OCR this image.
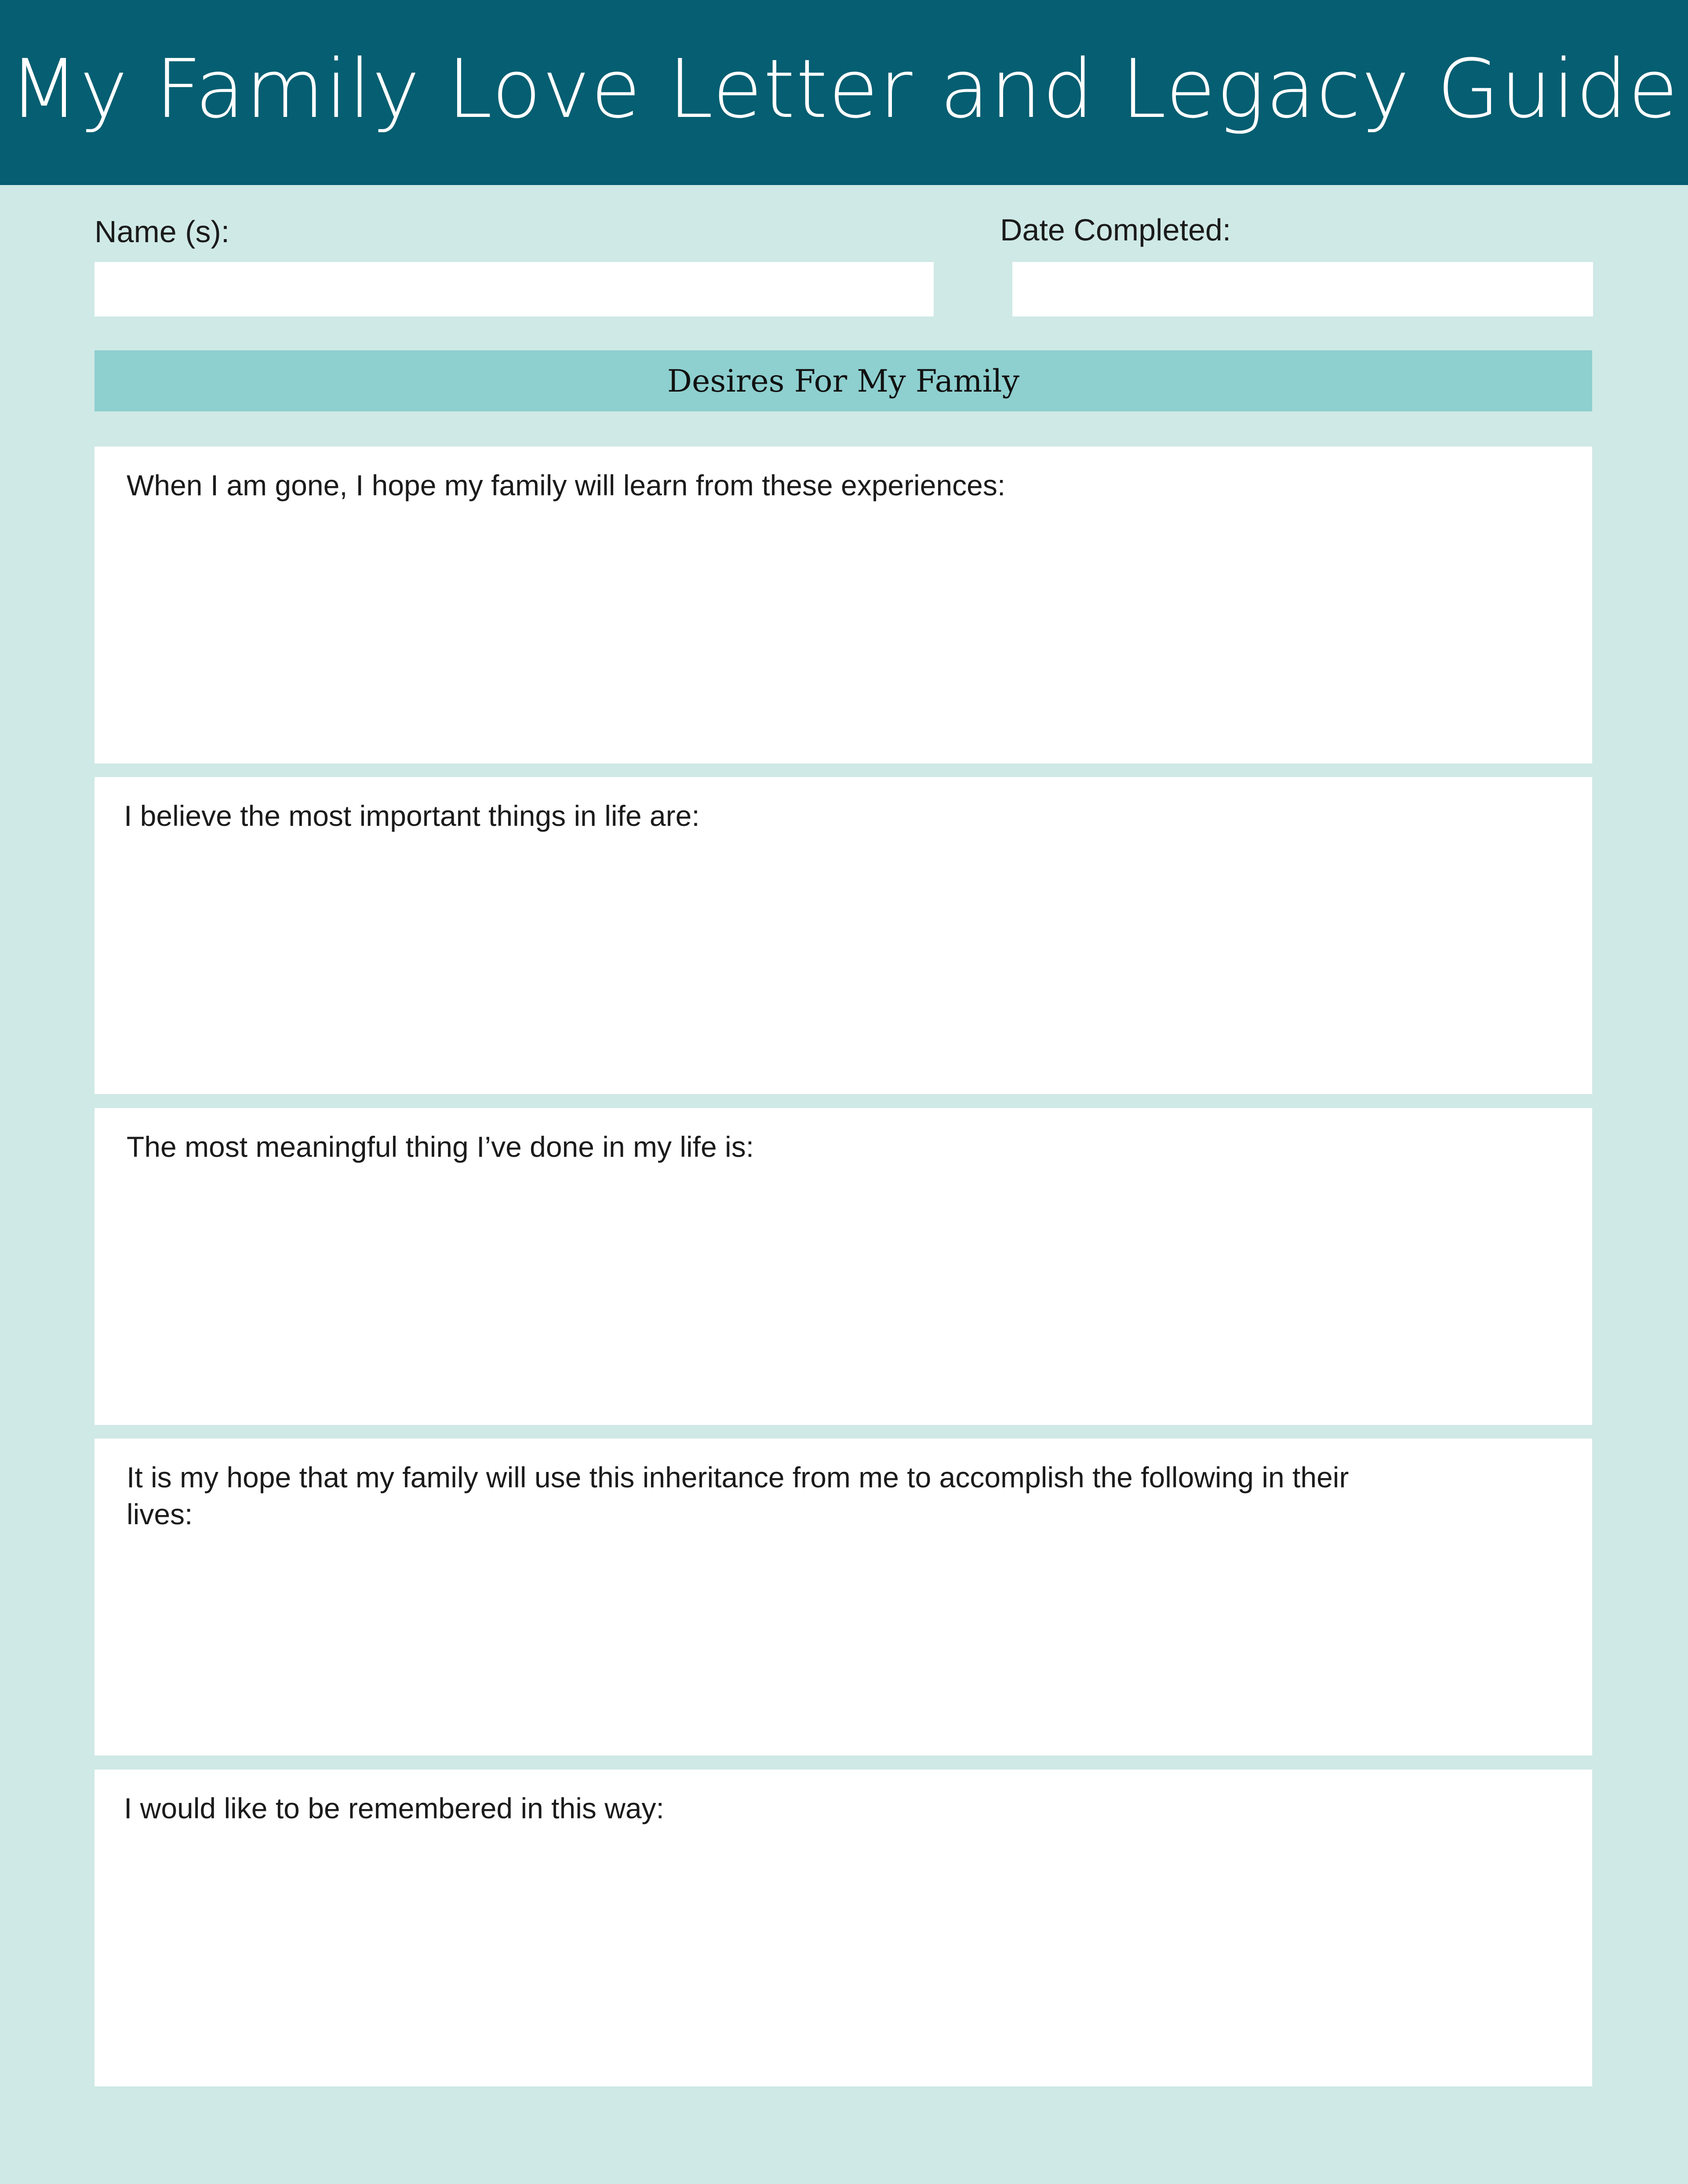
My Family Love Letter and Legacy Guide
Name (s):	Date Completed:
Desires For My Family
When I am gone, I hope my family will learn from these experiences:
I believe the most important things in life are:
The most meaningful thing I’ve done in my life is:
It is my hope that my family will use this inheritance from me to accomplish the following in their lives:
I would like to be remembered in this way:
